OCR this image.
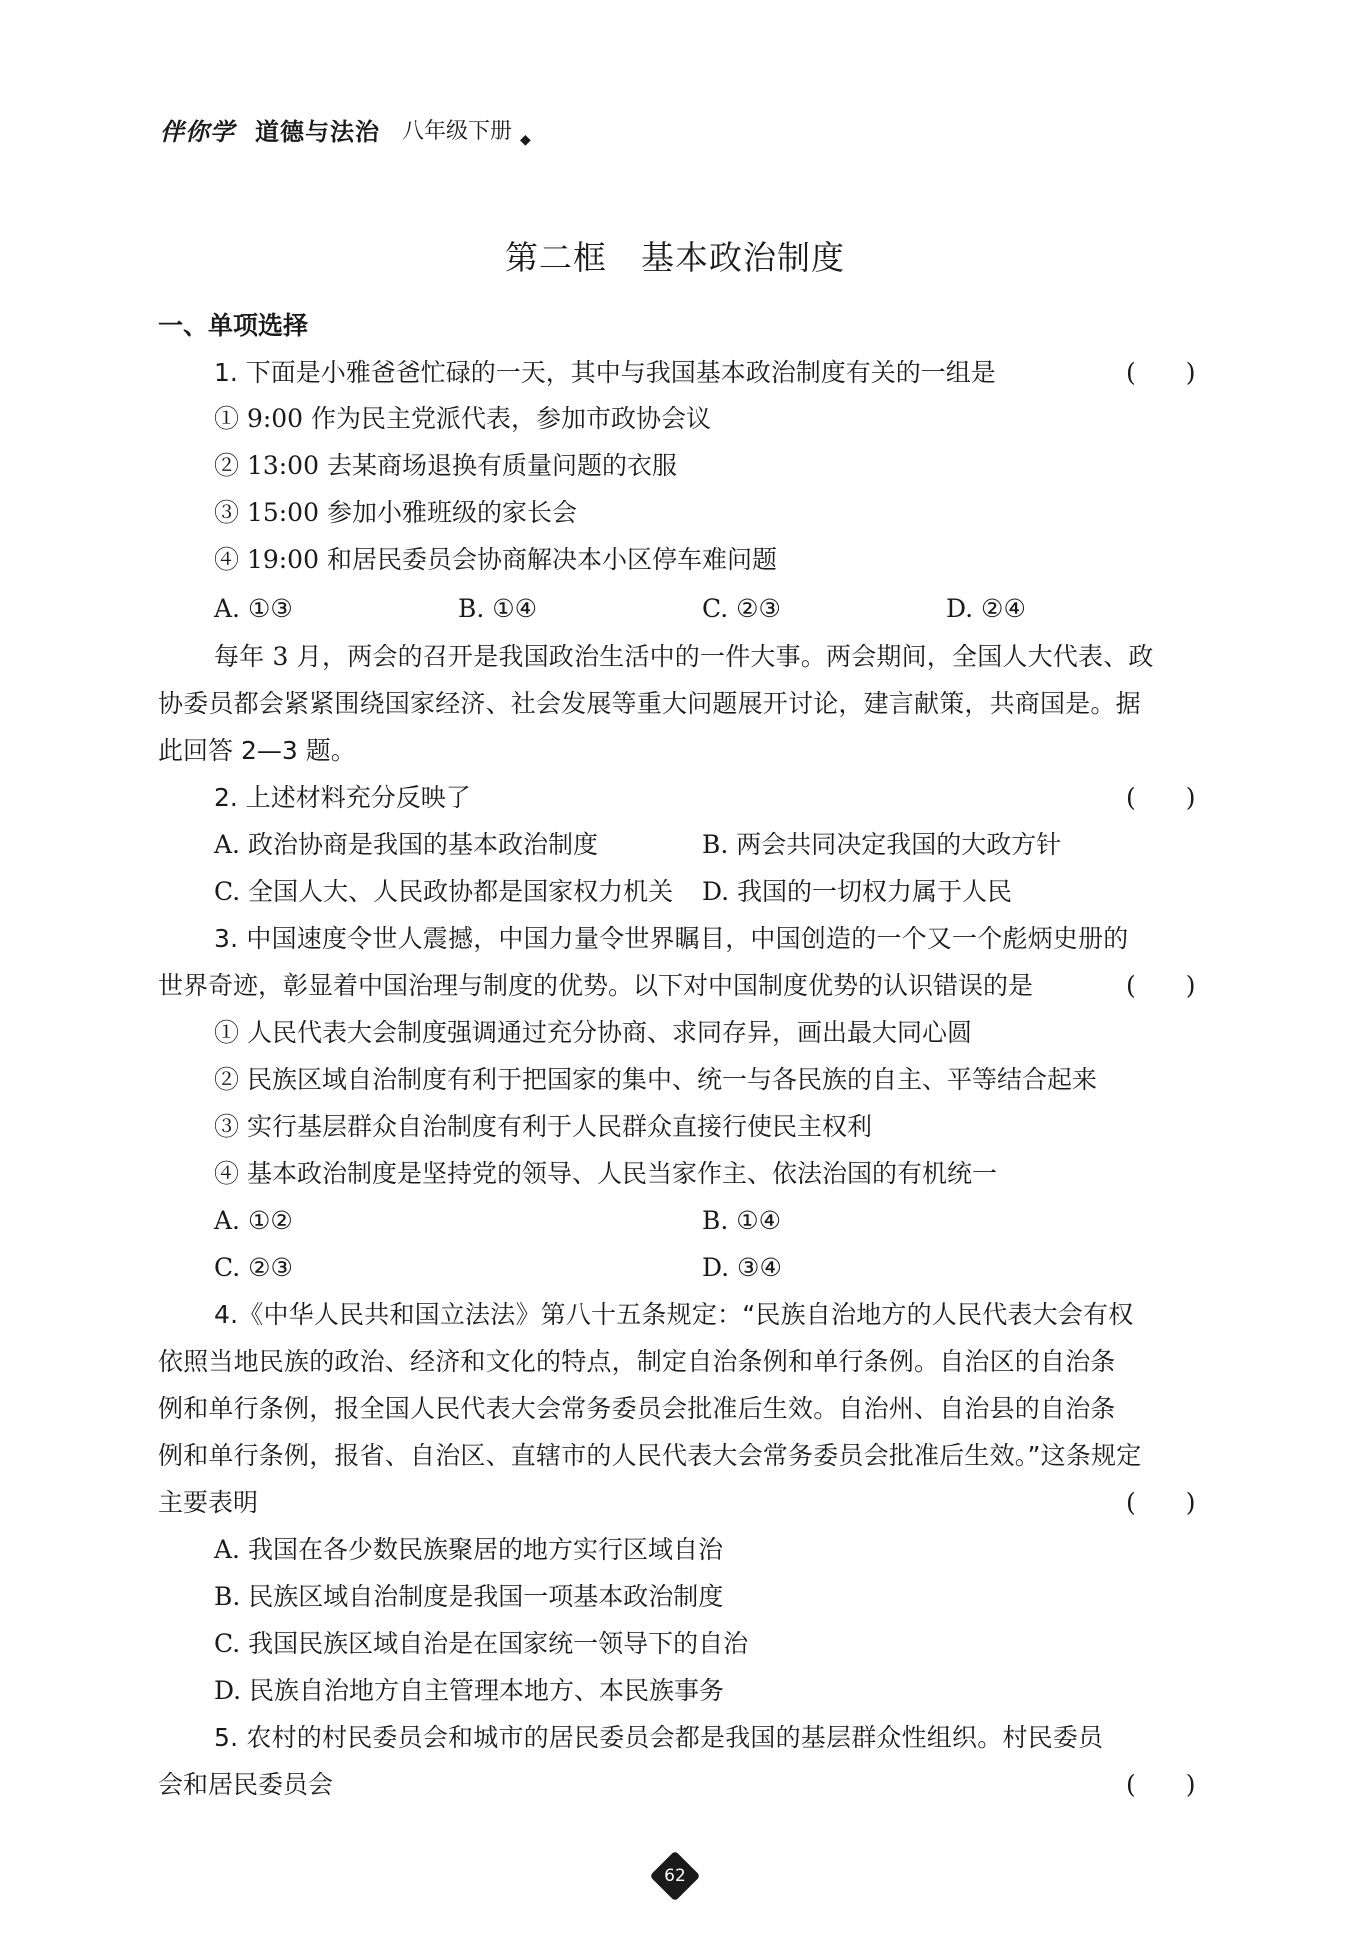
伴你学 道德与法治 八年级下册 ◆
第二框　基本政治制度
一、单项选择
1. 下面是小雅爸爸忙碌的一天，其中与我国基本政治制度有关的一组是	(　　)
① 9:00 作为民主党派代表，参加市政协会议
② 13:00 去某商场退换有质量问题的衣服
③ 15:00 参加小雅班级的家长会
④ 19:00 和居民委员会协商解决本小区停车难问题
A. ①③	B. ①④	C. ②③	D. ②④
每年 3 月，两会的召开是我国政治生活中的一件大事。两会期间，全国人大代表、政
协委员都会紧紧围绕国家经济、社会发展等重大问题展开讨论，建言献策，共商国是。据
此回答 2—3 题。
2. 上述材料充分反映了	(　　)
A. 政治协商是我国的基本政治制度	B. 两会共同决定我国的大政方针
C. 全国人大、人民政协都是国家权力机关 D. 我国的一切权力属于人民
3. 中国速度令世人震撼，中国力量令世界瞩目，中国创造的一个又一个彪炳史册的
世界奇迹，彰显着中国治理与制度的优势。以下对中国制度优势的认识错误的是	(　　)
① 人民代表大会制度强调通过充分协商、求同存异，画出最大同心圆
② 民族区域自治制度有利于把国家的集中、统一与各民族的自主、平等结合起来
③ 实行基层群众自治制度有利于人民群众直接行使民主权利
④ 基本政治制度是坚持党的领导、人民当家作主、依法治国的有机统一
A. ①②	B. ①④
C. ②③	D. ③④
4.《中华人民共和国立法法》第八十五条规定：“民族自治地方的人民代表大会有权
依照当地民族的政治、经济和文化的特点，制定自治条例和单行条例。自治区的自治条
例和单行条例，报全国人民代表大会常务委员会批准后生效。自治州、自治县的自治条
例和单行条例，报省、自治区、直辖市的人民代表大会常务委员会批准后生效。”这条规定
主要表明	(　　)
A. 我国在各少数民族聚居的地方实行区域自治
B. 民族区域自治制度是我国一项基本政治制度
C. 我国民族区域自治是在国家统一领导下的自治
D. 民族自治地方自主管理本地方、本民族事务
5. 农村的村民委员会和城市的居民委员会都是我国的基层群众性组织。村民委员
会和居民委员会	(　　)
62
